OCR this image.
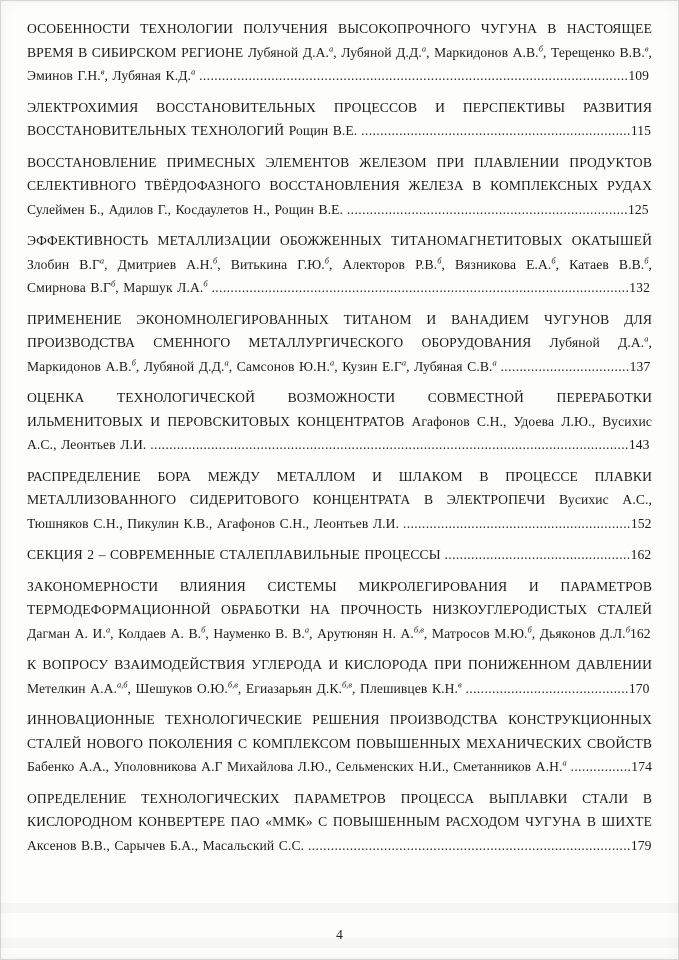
ОСОБЕННОСТИ ТЕХНОЛОГИИ ПОЛУЧЕНИЯ ВЫСОКОПРОЧНОГО ЧУГУНА В НАСТОЯЩЕЕ ВРЕМЯ В СИБИРСКОМ РЕГИОНЕ Лубяной Д.А.$^а$, Лубяной Д.Д.$^а$, Маркидонов А.В.$^б$, Терещенко В.В.$^в$, Эминов Г.Н.$^в$, Лубяная К.Д.$^а$ .................................................................................................................109

ЭЛЕКТРОХИМИЯ ВОССТАНОВИТЕЛЬНЫХ ПРОЦЕССОВ И ПЕРСПЕКТИВЫ РАЗВИТИЯ ВОССТАНОВИТЕЛЬНЫХ ТЕХНОЛОГИЙ Рощин В.Е. .......................................................................115

ВОССТАНОВЛЕНИЕ ПРИМЕСНЫХ ЭЛЕМЕНТОВ ЖЕЛЕЗОМ ПРИ ПЛАВЛЕНИИ ПРОДУКТОВ СЕЛЕКТИВНОГО ТВЁРДОФАЗНОГО ВОССТАНОВЛЕНИЯ ЖЕЛЕЗА В КОМПЛЕКСНЫХ РУДАХ Сулеймен Б., Адилов Г., Косдаулетов Н., Рощин В.Е. ..........................................................................125

ЭФФЕКТИВНОСТЬ МЕТАЛЛИЗАЦИИ ОБОЖЖЕННЫХ ТИТАНОМАГНЕТИТОВЫХ ОКАТЫШЕЙ Злобин $В.Г^а$, Дмитриев А.Н.$^б$, Витькина Г.Ю.$^б$, Алекторов Р.В.$^б$, Вязникова Е.А.$^б$, Катаев В.В.$^б$, Смирнова $В.Г^б$, Маршук Л.А.$^б$ ..............................................................................................................132

ПРИМЕНЕНИЕ ЭКОНОМНОЛЕГИРОВАННЫХ ТИТАНОМ И ВАНАДИЕМ ЧУГУНОВ ДЛЯ ПРОИЗВОДСТВА СМЕННОГО МЕТАЛЛУРГИЧЕСКОГО ОБОРУДОВАНИЯ Лубяной Д.А.$^а$, Маркидонов А.В.$^б$, Лубяной Д.Д.$^а$, Самсонов Ю.Н.$^а$, Кузин $Е.Г^а$, Лубяная С.В.$^а$ ..................................137

ОЦЕНКА ТЕХНОЛОГИЧЕСКОЙ ВОЗМОЖНОСТИ СОВМЕСТНОЙ ПЕРЕРАБОТКИ ИЛЬМЕНИТОВЫХ И ПЕРОВСКИТОВЫХ КОНЦЕНТРАТОВ Агафонов С.Н., Удоева Л.Ю., Вусихис А.С., Леонтьев Л.И. ..............................................................................................................................143

РАСПРЕДЕЛЕНИЕ БОРА МЕЖДУ МЕТАЛЛОМ И ШЛАКОМ В ПРОЦЕССЕ ПЛАВКИ МЕТАЛЛИЗОВАННОГО СИДЕРИТОВОГО КОНЦЕНТРАТА В ЭЛЕКТРОПЕЧИ Вусихис А.С., Тюшняков С.Н., Пикулин К.В., Агафонов С.Н., Леонтьев Л.И. ............................................................152

СЕКЦИЯ 2 – СОВРЕМЕННЫЕ СТАЛЕПЛАВИЛЬНЫЕ ПРОЦЕССЫ .................................................162

ЗАКОНОМЕРНОСТИ ВЛИЯНИЯ СИСТЕМЫ МИКРОЛЕГИРОВАНИЯ И ПАРАМЕТРОВ ТЕРМОДЕФОРМАЦИОННОЙ ОБРАБОТКИ НА ПРОЧНОСТЬ НИЗКОУГЛЕРОДИСТЫХ СТАЛЕЙ Дагман А. И.$^а$, Колдаев А. В.$^б$, Науменко В. В.$^а$, Арутюнян Н. А.$^{б,в}$, Матросов М.Ю.$^б$, Дьяконов Д.Л.$^б$162

К ВОПРОСУ ВЗАИМОДЕЙСТВИЯ УГЛЕРОДА И КИСЛОРОДА ПРИ ПОНИЖЕННОМ ДАВЛЕНИИ Метелкин А.А.$^{а,б}$, Шешуков О.Ю.$^{б,в}$, Егиазарьян Д.К.$^{б,в}$, Плешивцев К.Н.$^в$ ...........................................170

ИННОВАЦИОННЫЕ ТЕХНОЛОГИЧЕСКИЕ РЕШЕНИЯ ПРОИЗВОДСТВА КОНСТРУКЦИОННЫХ СТАЛЕЙ НОВОГО ПОКОЛЕНИЯ С КОМПЛЕКСОМ ПОВЫШЕННЫХ МЕХАНИЧЕСКИХ СВОЙСТВ Бабенко А.А., Уполовникова А.Г Михайлова Л.Ю., Сельменских Н.И., Сметанников А.Н.$^а$ ................174

ОПРЕДЕЛЕНИЕ ТЕХНОЛОГИЧЕСКИХ ПАРАМЕТРОВ ПРОЦЕССА ВЫПЛАВКИ СТАЛИ В КИСЛОРОДНОМ КОНВЕРТЕРЕ ПАО «ММК» С ПОВЫШЕННЫМ РАСХОДОМ ЧУГУНА В ШИХТЕ Аксенов В.В., Сарычев Б.А., Масальский С.С. .....................................................................................179

4
